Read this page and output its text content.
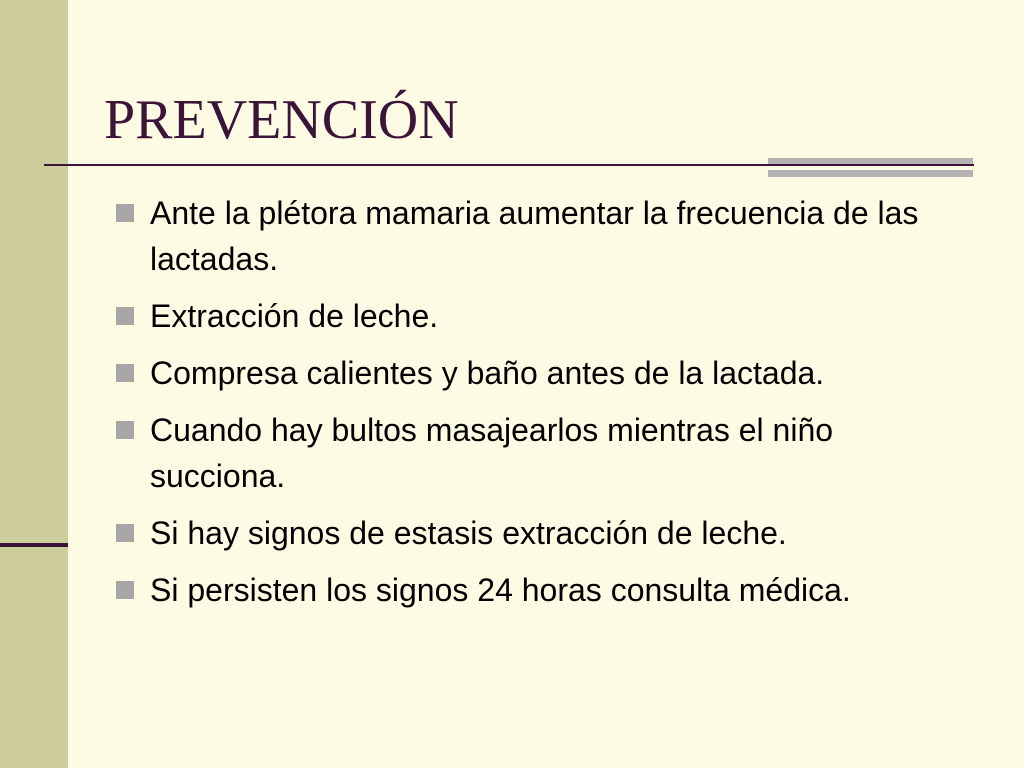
PREVENCIÓN
Ante la plétora mamaria aumentar la frecuencia de las lactadas.
Extracción de leche.
Compresa calientes y baño antes de la lactada.
Cuando hay bultos masajearlos mientras el niño succiona.
Si hay signos de estasis extracción de leche.
Si persisten los signos 24 horas consulta médica.
